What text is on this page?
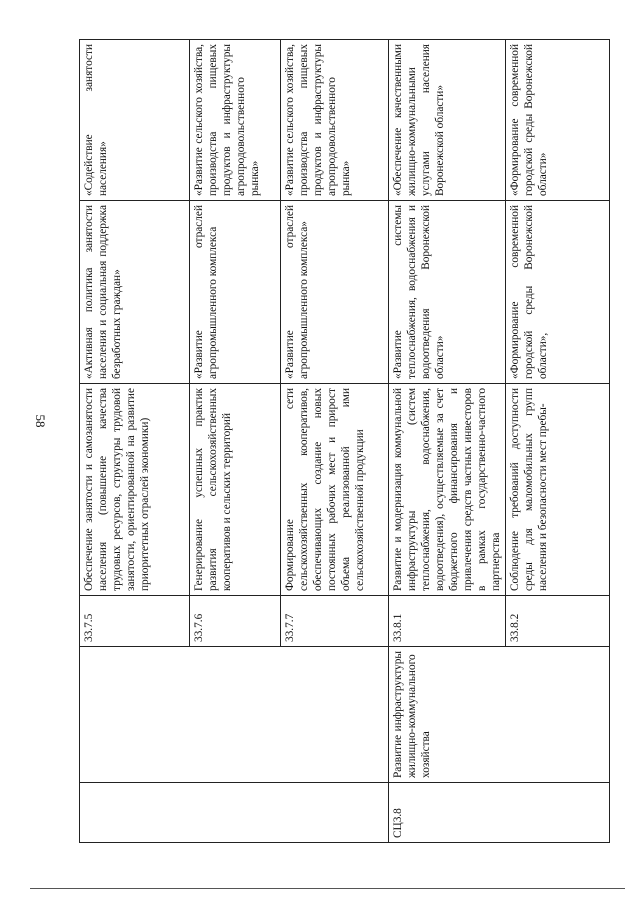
58
		33.7.5	Обеспечение занятости и самозанятости населения (повышение качества трудовых ресурсов, структуры трудовой занятости, ориентированной на развитие приоритетных отраслей экономики)	«Активная политика занятости населения и социальная поддержка безработных граждан»	«Содействие занятости населения»
		33.7.6	Генерирование успешных практик развития сельскохозяйственных кооперативов и сельских территорий	«Развитие отраслей агропромышленного комплекса	«Развитие сельского хозяйства, производства пищевых продуктов и инфраструктуры агропродовольственного рынка»
		33.7.7	Формирование сети сельскохозяйственных кооперативов, обеспечивающих создание новых постоянных рабочих мест и прирост объема реализованной ими сельскохозяйственной продукции	«Развитие отраслей агропромышленного комплекса»	«Развитие сельского хозяйства, производства пищевых продуктов и инфраструктуры агропродовольственного рынка»
СЦ3.8	Развитие инфраструктуры жилищно-коммунального хозяйства	33.8.1	Развитие и модернизация коммунальной инфраструктуры (систем теплоснабжения, водоснабжения, водоотведения), осуществляемые за счет бюджетного финансирования и привлечения средств частных инвесторов в рамках государственно-частного партнерства	«Развитие системы теплоснабжения, водоснабжения и водоотведения Воронежской области»	«Обеспечение качественными жилищно-коммунальными услугами населения Воронежской области»
		33.8.2	Соблюдение требований доступности среды для маломобильных групп населения и безопасности мест пребы-	«Формирование современной городской среды Воронежской области»,	«Формирование современной городской среды Воронежской области»
